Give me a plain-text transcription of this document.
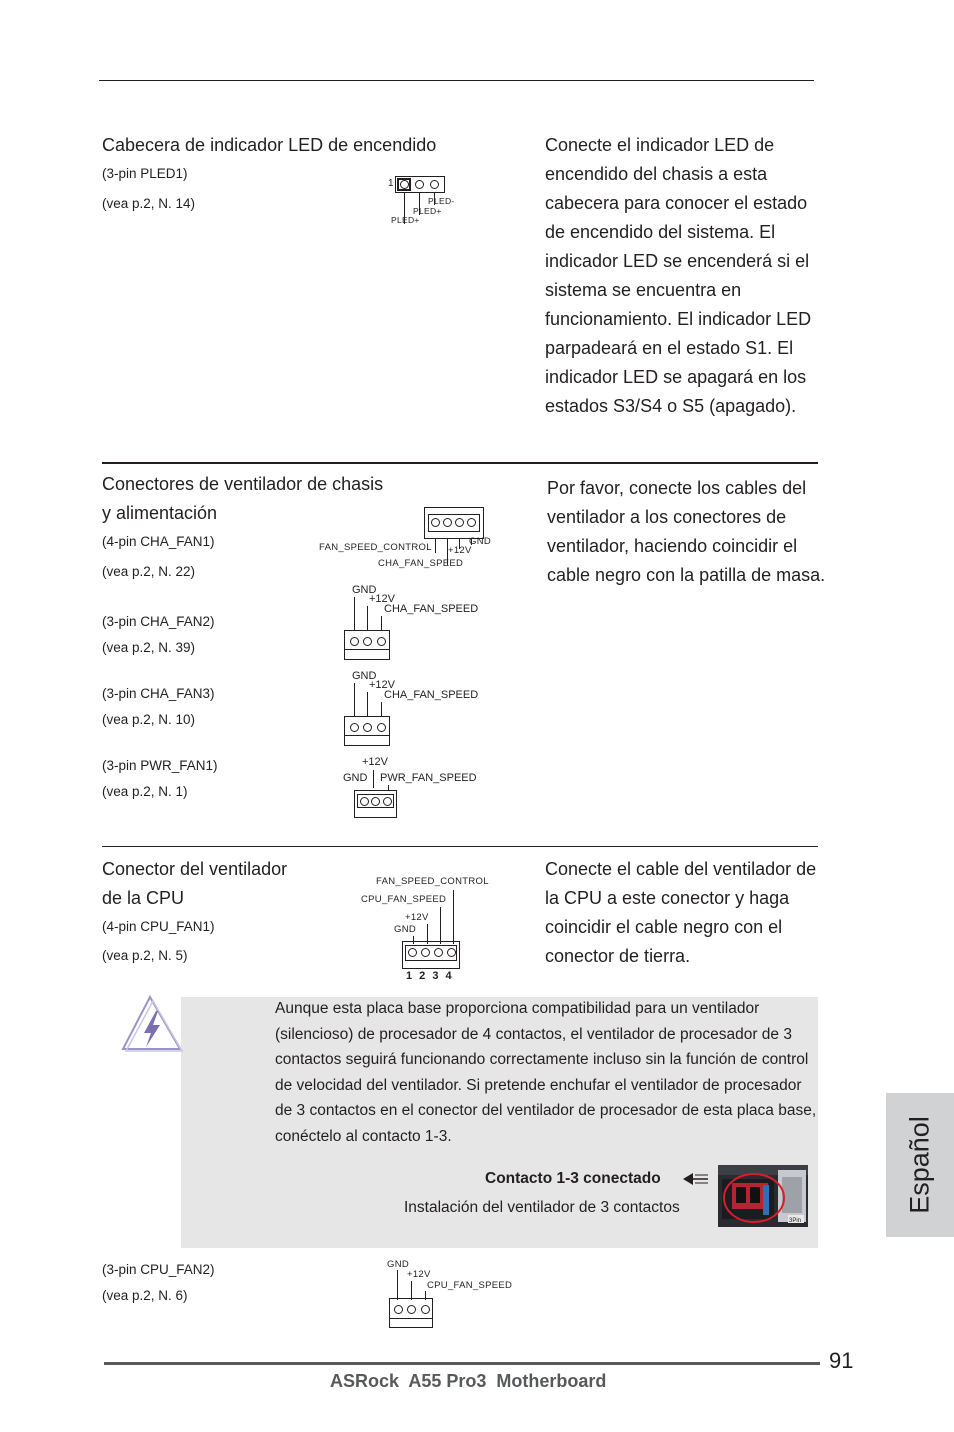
Cabecera de indicador LED de encendido
(3-pin PLED1)
(vea p.2, N. 14)
1
PLED-
PLED+
PLED+
Conecte el indicador LED de encendido del chasis a esta cabecera para conocer el estado de encendido del sistema. El indicador LED se encenderá si el sistema se encuentra en funcionamiento. El indicador LED parpadeará en el estado S1. El indicador LED se apagará en los estados S3/S4 o S5 (apagado).
Conectores de ventilador de chasis
y alimentación
Por favor, conecte los cables del ventilador a los conectores de ventilador, haciendo coincidir el cable negro con la patilla de masa.
(4-pin CHA_FAN1)
(vea p.2, N. 22)
FAN_SPEED_CONTROL +12V
GND
CHA_FAN_SPEED
(3-pin CHA_FAN2)
(vea p.2, N. 39)
GND
+12V
CHA_FAN_SPEED
(3-pin CHA_FAN3)
(vea p.2, N. 10)
GND
+12V
CHA_FAN_SPEED
(3-pin PWR_FAN1)
(vea p.2, N. 1)
+12V
GND PWR_FAN_SPEED
Conector del ventilador
de la CPU
(4-pin CPU_FAN1)
(vea p.2, N. 5)
Conecte el cable del ventilador de la CPU a este conector y haga coincidir el cable negro con el conector de tierra.
FAN_SPEED_CONTROL
CPU_FAN_SPEED
+12V
GND
1 2 3 4
Aunque esta placa base proporciona compatibilidad para un ventilador (silencioso) de procesador de 4 contactos, el ventilador de procesador de 3 contactos seguirá funcionando correctamente incluso sin la función de control de velocidad del ventilador. Si pretende enchufar el ventilador de procesador de 3 contactos en el conector del ventilador de procesador de esta placa base, conéctelo al contacto 1-3.
Contacto 1-3 conectado
Instalación del ventilador de 3 contactos
3Pin
(3-pin CPU_FAN2)
(vea p.2, N. 6)
GND
+12V
CPU_FAN_SPEED
91
ASRock  A55 Pro3  Motherboard
Español
